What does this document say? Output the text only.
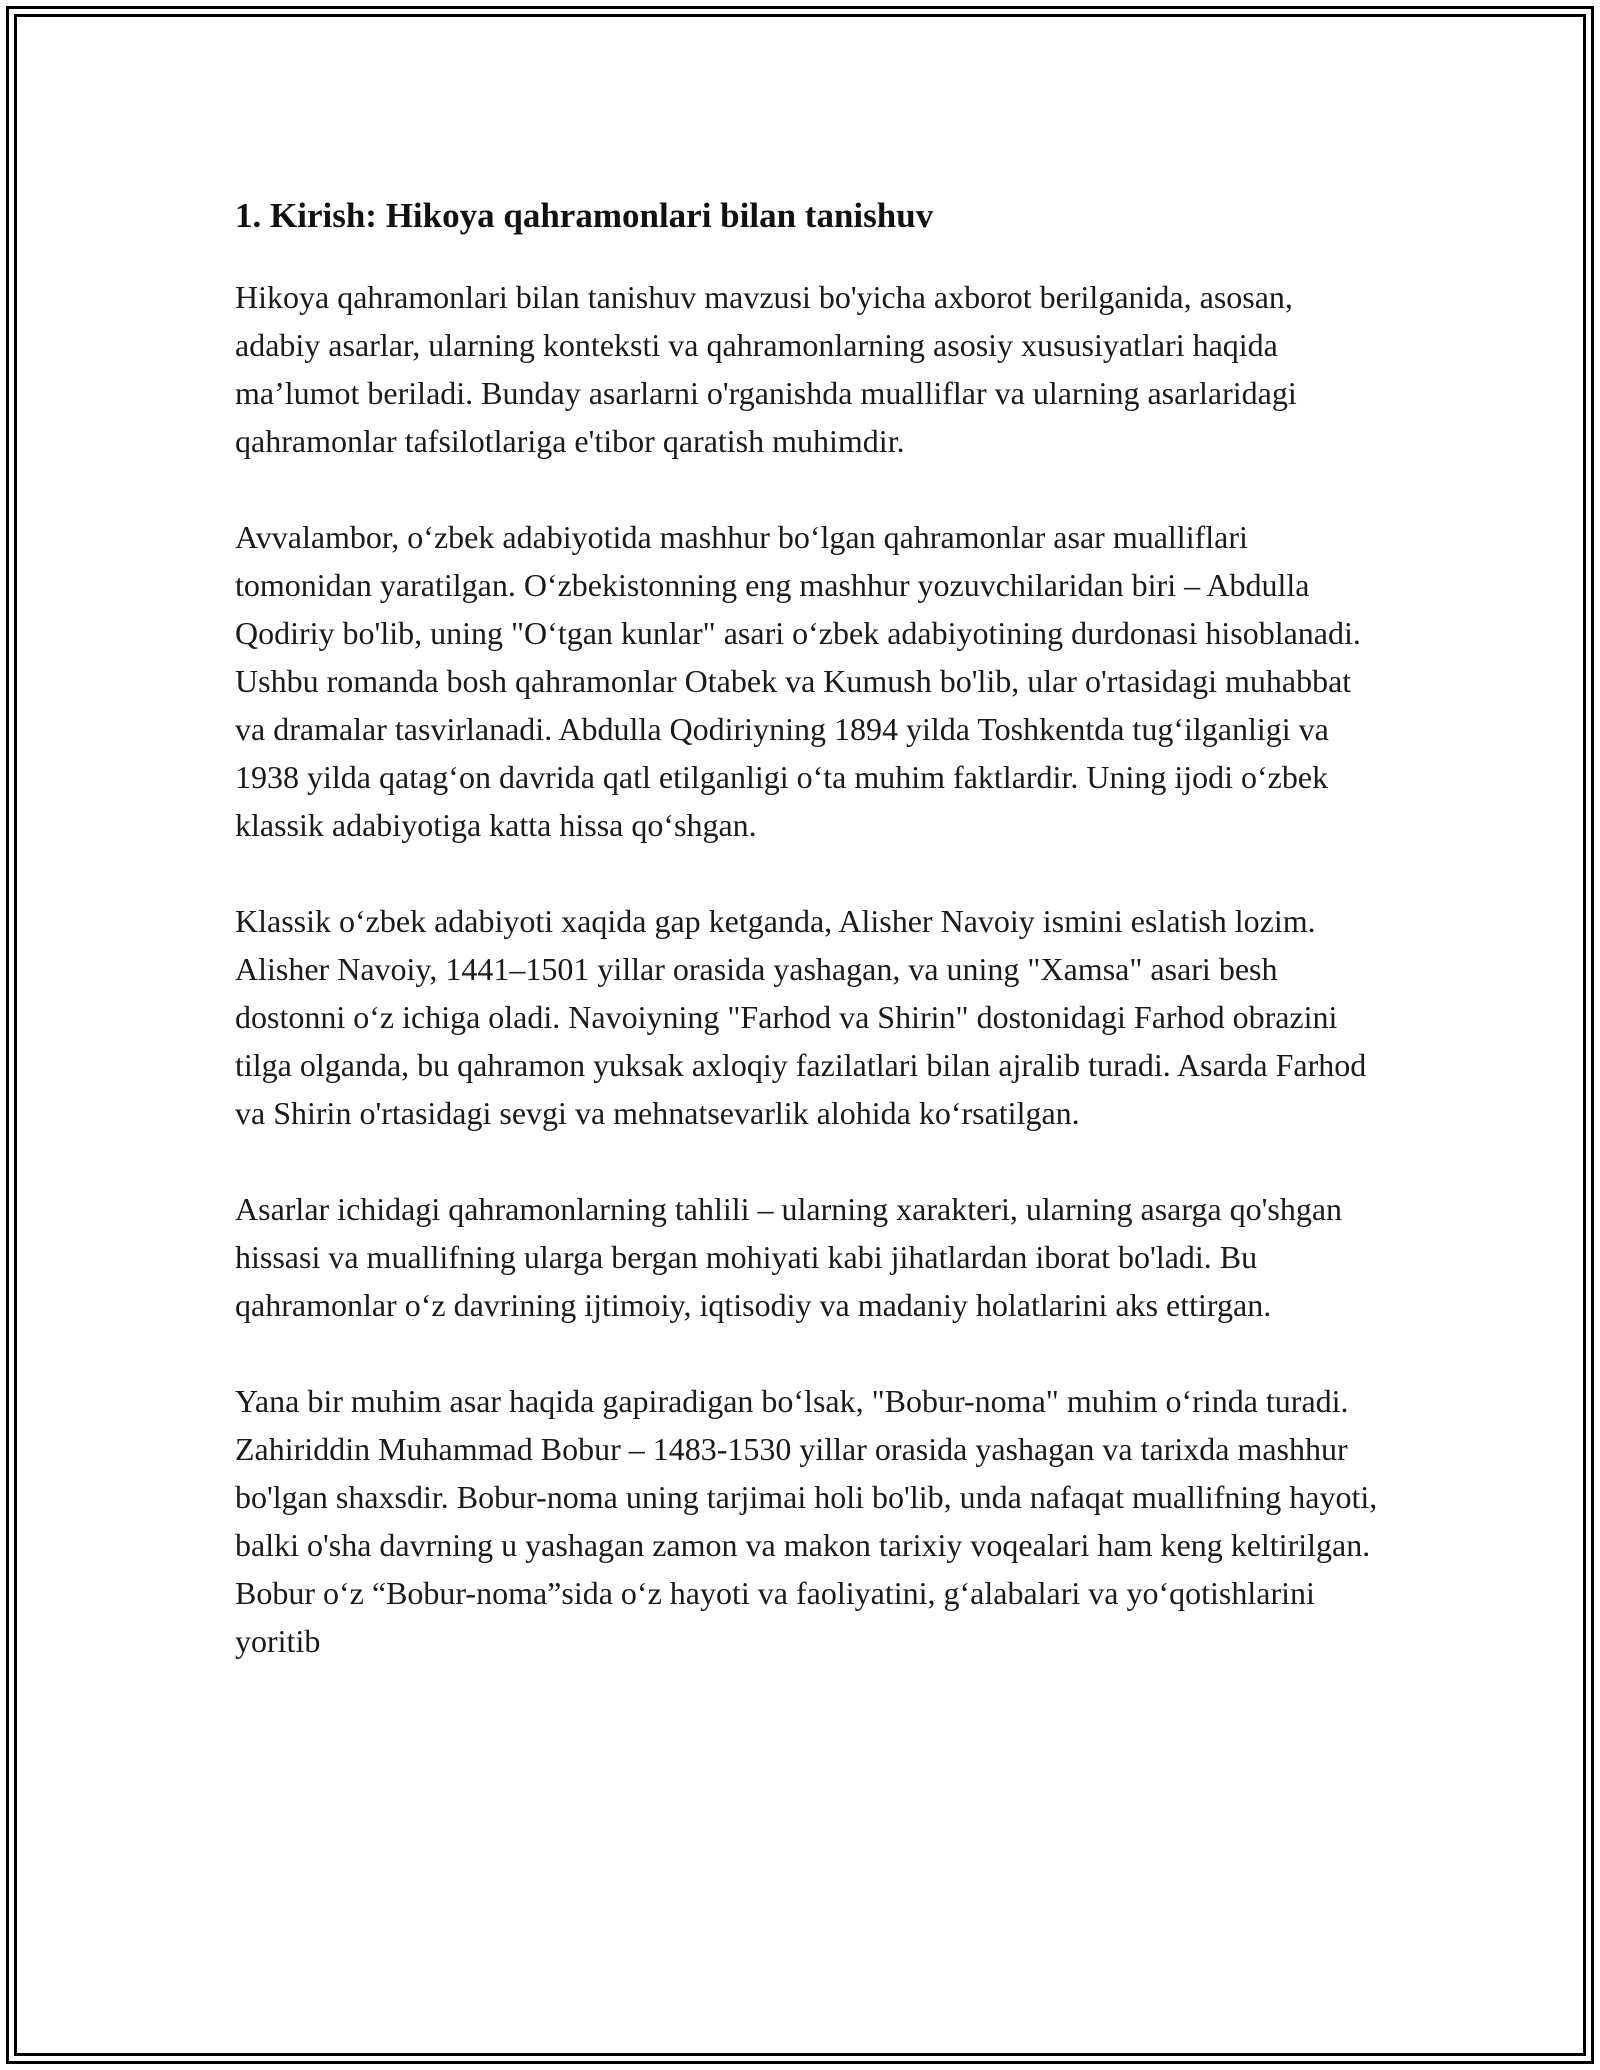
1. Kirish: Hikoya qahramonlari bilan tanishuv

Hikoya qahramonlari bilan tanishuv mavzusi bo'yicha axborot berilganida, asosan, adabiy asarlar, ularning konteksti va qahramonlarning asosiy xususiyatlari haqida ma’lumot beriladi. Bunday asarlarni o'rganishda mualliflar va ularning asarlaridagi qahramonlar tafsilotlariga e'tibor qaratish muhimdir.

Avvalambor, oʻzbek adabiyotida mashhur boʻlgan qahramonlar asar mualliflari tomonidan yaratilgan. Oʻzbekistonning eng mashhur yozuvchilaridan biri – Abdulla Qodiriy bo'lib, uning "Oʻtgan kunlar" asari oʻzbek adabiyotining durdonasi hisoblanadi. Ushbu romanda bosh qahramonlar Otabek va Kumush bo'lib, ular o'rtasidagi muhabbat va dramalar tasvirlanadi. Abdulla Qodiriyning 1894 yilda Toshkentda tugʻilganligi va 1938 yilda qatagʻon davrida qatl etilganligi oʻta muhim faktlardir. Uning ijodi oʻzbek klassik adabiyotiga katta hissa qoʻshgan.

Klassik oʻzbek adabiyoti xaqida gap ketganda, Alisher Navoiy ismini eslatish lozim. Alisher Navoiy, 1441–1501 yillar orasida yashagan, va uning "Xamsa" asari besh dostonni oʻz ichiga oladi. Navoiyning "Farhod va Shirin" dostonidagi Farhod obrazini tilga olganda, bu qahramon yuksak axloqiy fazilatlari bilan ajralib turadi. Asarda Farhod va Shirin o'rtasidagi sevgi va mehnatsevarlik alohida koʻrsatilgan.

Asarlar ichidagi qahramonlarning tahlili – ularning xarakteri, ularning asarga qo'shgan hissasi va muallifning ularga bergan mohiyati kabi jihatlardan iborat bo'ladi. Bu qahramonlar oʻz davrining ijtimoiy, iqtisodiy va madaniy holatlarini aks ettirgan.

Yana bir muhim asar haqida gapiradigan boʻlsak, "Bobur-noma" muhim oʻrinda turadi. Zahiriddin Muhammad Bobur – 1483-1530 yillar orasida yashagan va tarixda mashhur bo'lgan shaxsdir. Bobur-noma uning tarjimai holi bo'lib, unda nafaqat muallifning hayoti, balki o'sha davrning u yashagan zamon va makon tarixiy voqealari ham keng keltirilgan. Bobur oʻz “Bobur-noma”sida oʻz hayoti va faoliyatini, gʻalabalari va yoʻqotishlarini yoritib
